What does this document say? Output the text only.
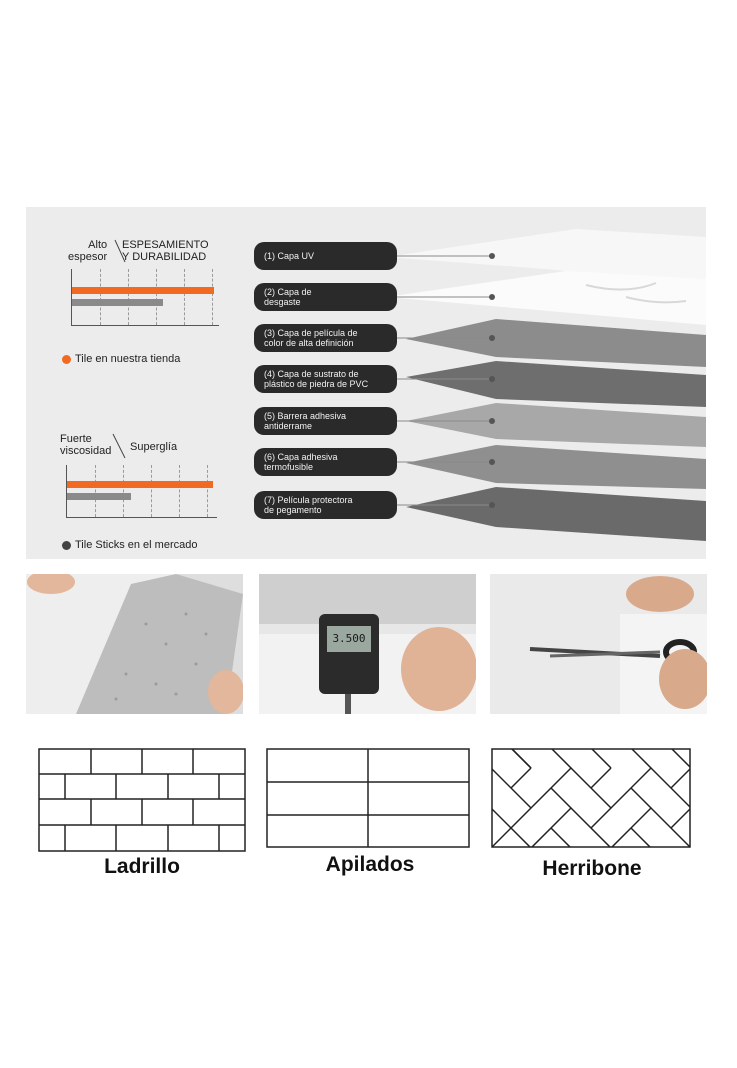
Alto
espesor
ESPESAMIENTO
Y DURABILIDAD
Tile en nuestra tienda
Fuerte
viscosidad Superglía
Tile Sticks en el mercado
(1) Capa UV
(2) Capa de
desgaste
(3) Capa de película de
color de alta definición
(4) Capa de sustrato de
plástico de piedra de PVC
(5) Barrera adhesiva
antiderrame
(6) Capa adhesiva
termofusible
(7) Película protectora
de pegamento
3.500
Ladrillo	Apilados	Herribone
